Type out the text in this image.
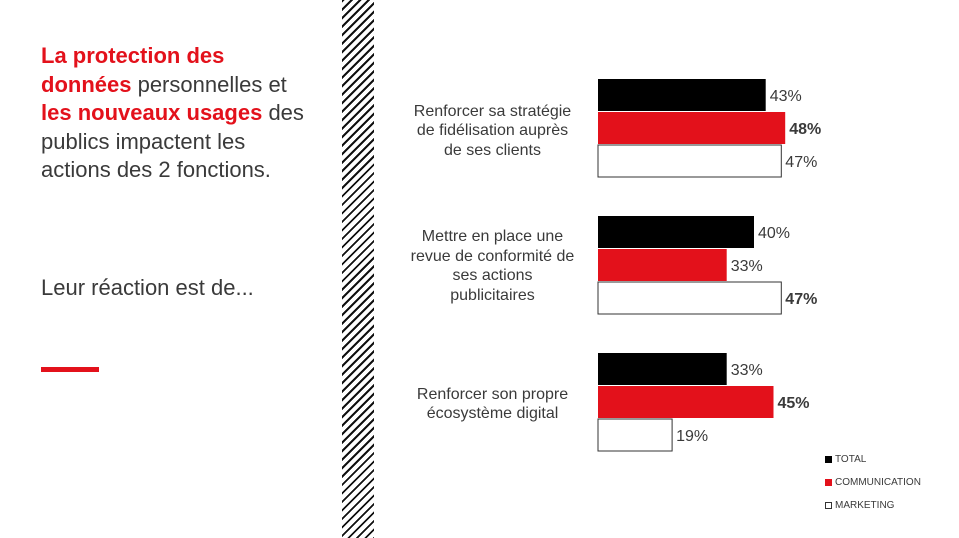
La protection des données personnelles et les nouveaux usages des publics impactent les actions des 2 fonctions.
Leur réaction est de...
43%
48%
47%
40%
33%
47%
33%
45%
19%
Renforcer sa stratégie de fidélisation auprès de ses clients
Mettre en place une revue de conformité de ses actions publicitaires
Renforcer son propre écosystème digital
TOTAL
COMMUNICATION
MARKETING
